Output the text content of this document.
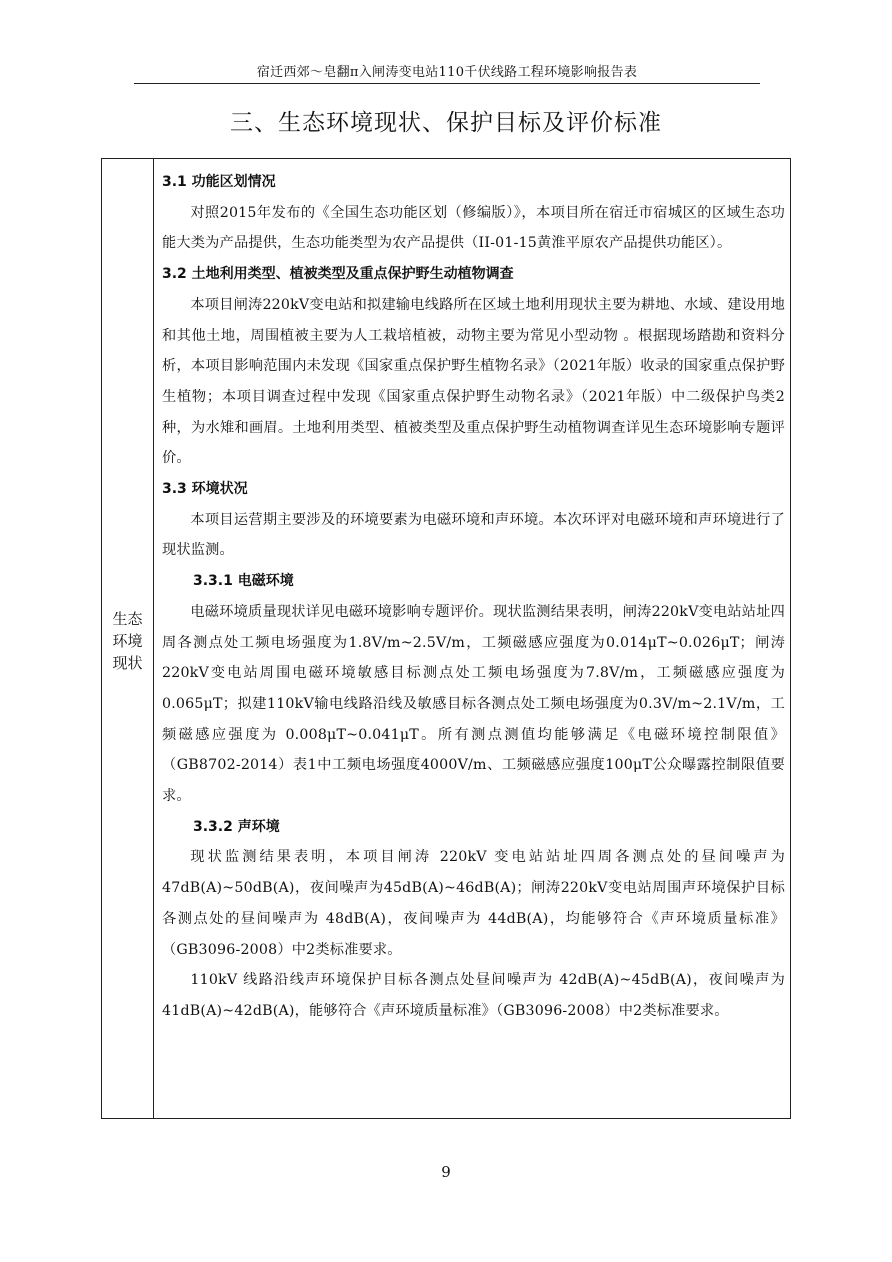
宿迁西郊～皂翻π入闸涛变电站110千伏线路工程环境影响报告表
三、生态环境现状、保护目标及评价标准
生态
环境
现状

3.1 功能区划情况

对照2015年发布的《全国生态功能区划（修编版）》，本项目所在宿迁市宿城区的区域生态功能大类为产品提供，生态功能类型为农产品提供（II-01-15黄淮平原农产品提供功能区）。

3.2 土地利用类型、植被类型及重点保护野生动植物调查

本项目闸涛220kV变电站和拟建输电线路所在区域土地利用现状主要为耕地、水域、建设用地和其他土地，周围植被主要为人工栽培植被，动物主要为常见小型动物 。根据现场踏勘和资料分析，本项目影响范围内未发现《国家重点保护野生植物名录》（2021年版）收录的国家重点保护野生植物；本项目调查过程中发现《国家重点保护野生动物名录》（2021年版）中二级保护鸟类2种，为水雉和画眉。土地利用类型、植被类型及重点保护野生动植物调查详见生态环境影响专题评价。

3.3 环境状况

本项目运营期主要涉及的环境要素为电磁环境和声环境。本次环评对电磁环境和声环境进行了现状监测。

3.3.1 电磁环境

电磁环境质量现状详见电磁环境影响专题评价。现状监测结果表明，闸涛220kV变电站站址四周各测点处工频电场强度为1.8V/m~2.5V/m，工频磁感应强度为0.014μT~0.026μT；闸涛220kV变电站周围电磁环境敏感目标测点处工频电场强度为7.8V/m，工频磁感应强度为0.065μT；拟建110kV输电线路沿线及敏感目标各测点处工频电场强度为0.3V/m~2.1V/m，工频磁感应强度为 0.008μT~0.041μT。所有测点测值均能够满足《电磁环境控制限值》（GB8702-2014）表1中工频电场强度4000V/m、工频磁感应强度100μT公众曝露控制限值要求。

3.3.2 声环境

现状监测结果表明，本项目闸涛 220kV 变电站站址四周各测点处的昼间噪声为47dB(A)~50dB(A)，夜间噪声为45dB(A)~46dB(A)；闸涛220kV变电站周围声环境保护目标各测点处的昼间噪声为 48dB(A)，夜间噪声为 44dB(A)，均能够符合《声环境质量标准》（GB3096-2008）中2类标准要求。

110kV 线路沿线声环境保护目标各测点处昼间噪声为 42dB(A)~45dB(A)，夜间噪声为41dB(A)~42dB(A)，能够符合《声环境质量标准》（GB3096-2008）中2类标准要求。

9
